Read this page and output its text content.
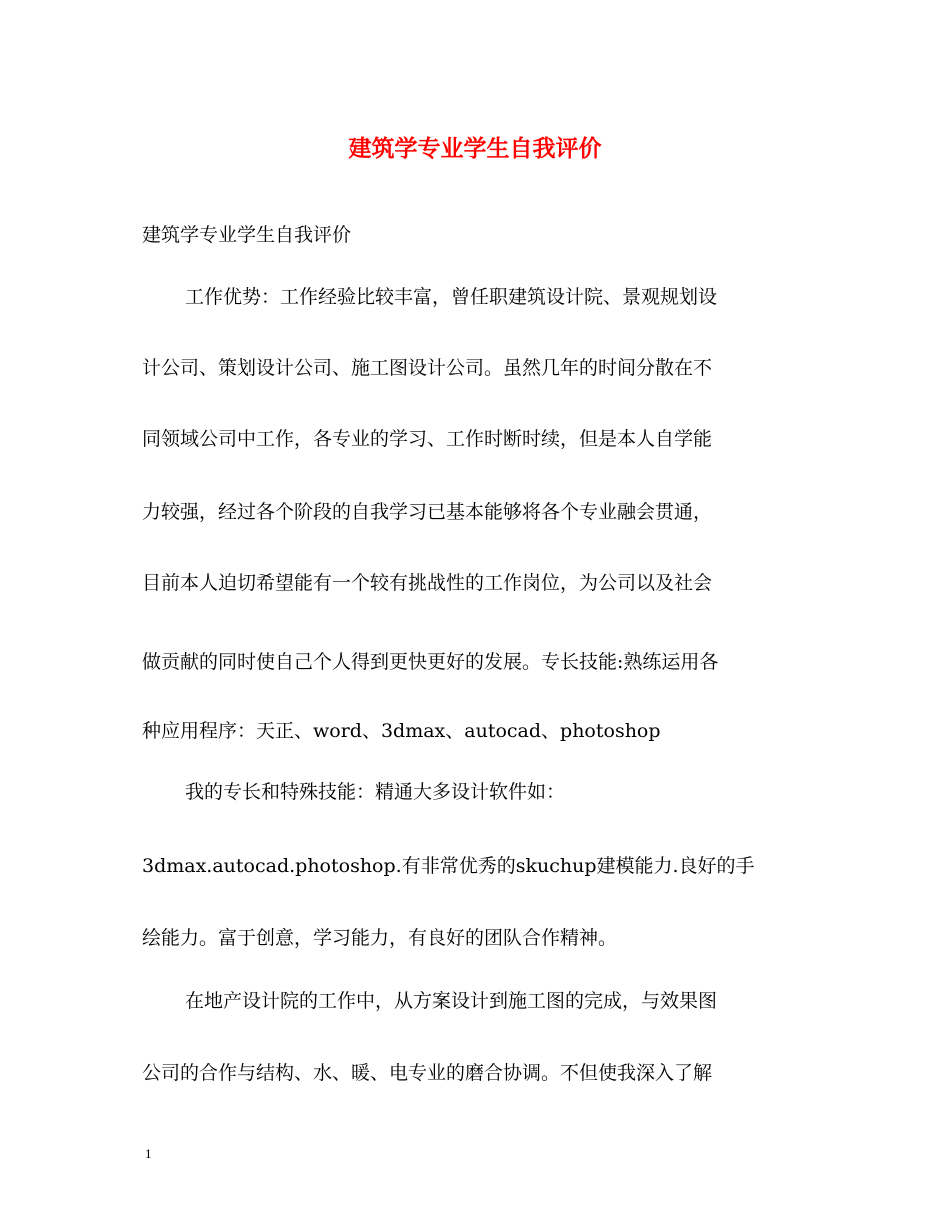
建筑学专业学生自我评价
建筑学专业学生自我评价
工作优势：工作经验比较丰富，曾任职建筑设计院、景观规划设
计公司、策划设计公司、施工图设计公司。虽然几年的时间分散在不
同领域公司中工作，各专业的学习、工作时断时续，但是本人自学能
力较强，经过各个阶段的自我学习已基本能够将各个专业融会贯通，
目前本人迫切希望能有一个较有挑战性的工作岗位，为公司以及社会
做贡献的同时使自己个人得到更快更好的发展。专长技能:熟练运用各
种应用程序：天正、word、3dmax、autocad、photoshop
我的专长和特殊技能：精通大多设计软件如：
3dmax.autocad.photoshop.有非常优秀的skuchup建模能力.良好的手
绘能力。富于创意，学习能力，有良好的团队合作精神。
在地产设计院的工作中，从方案设计到施工图的完成，与效果图
公司的合作与结构、水、暖、电专业的磨合协调。不但使我深入了解
1
